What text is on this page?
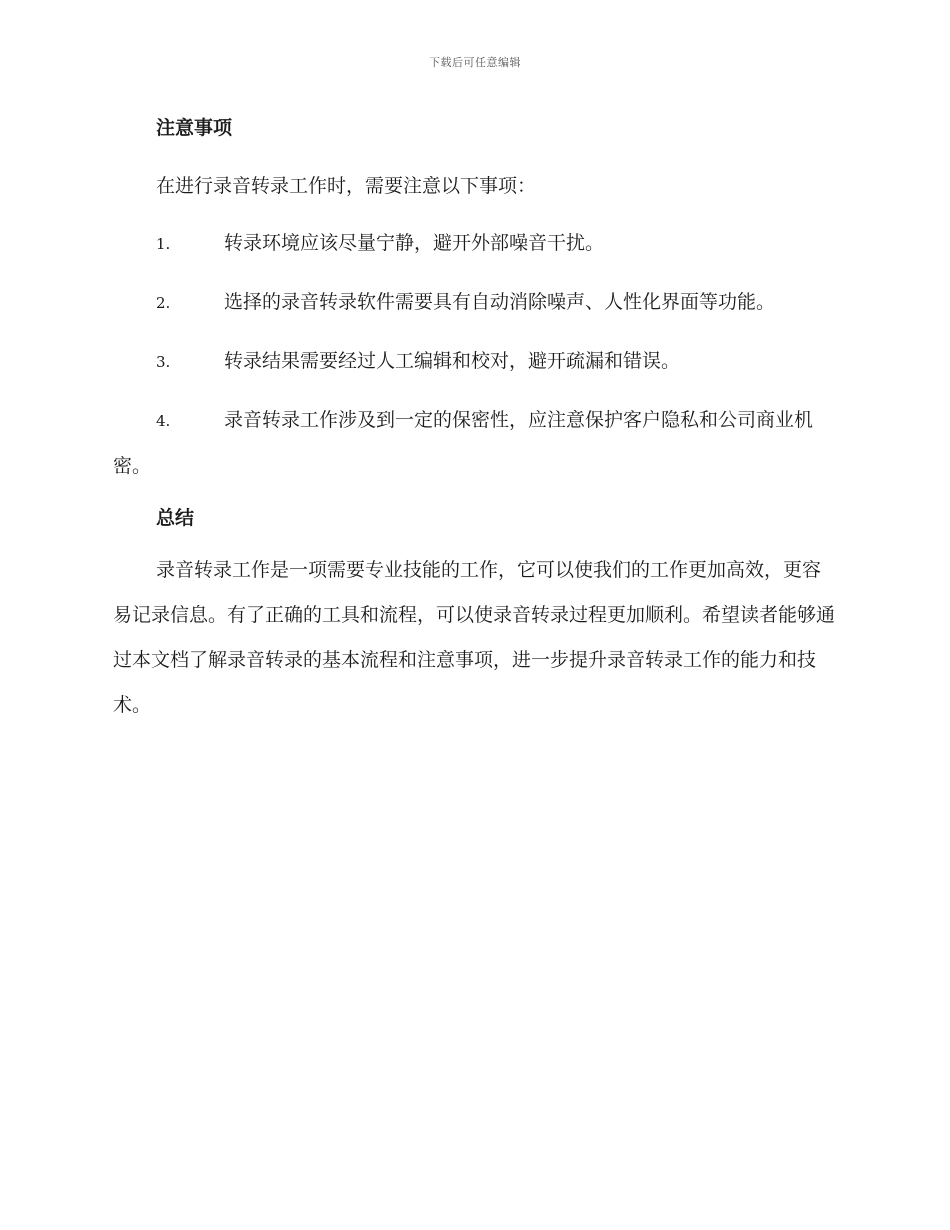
下载后可任意编辑
注意事项

在进行录音转录工作时，需要注意以下事项：

1.	转录环境应该尽量宁静，避开外部噪音干扰。
2.	选择的录音转录软件需要具有自动消除噪声、人性化界面等功能。
3.	转录结果需要经过人工编辑和校对，避开疏漏和错误。
4.	录音转录工作涉及到一定的保密性，应注意保护客户隐私和公司商业机密。
总结

录音转录工作是一项需要专业技能的工作，它可以使我们的工作更加高效，更容易记录信息。有了正确的工具和流程，可以使录音转录过程更加顺利。希望读者能够通过本文档了解录音转录的基本流程和注意事项，进一步提升录音转录工作的能力和技术。
